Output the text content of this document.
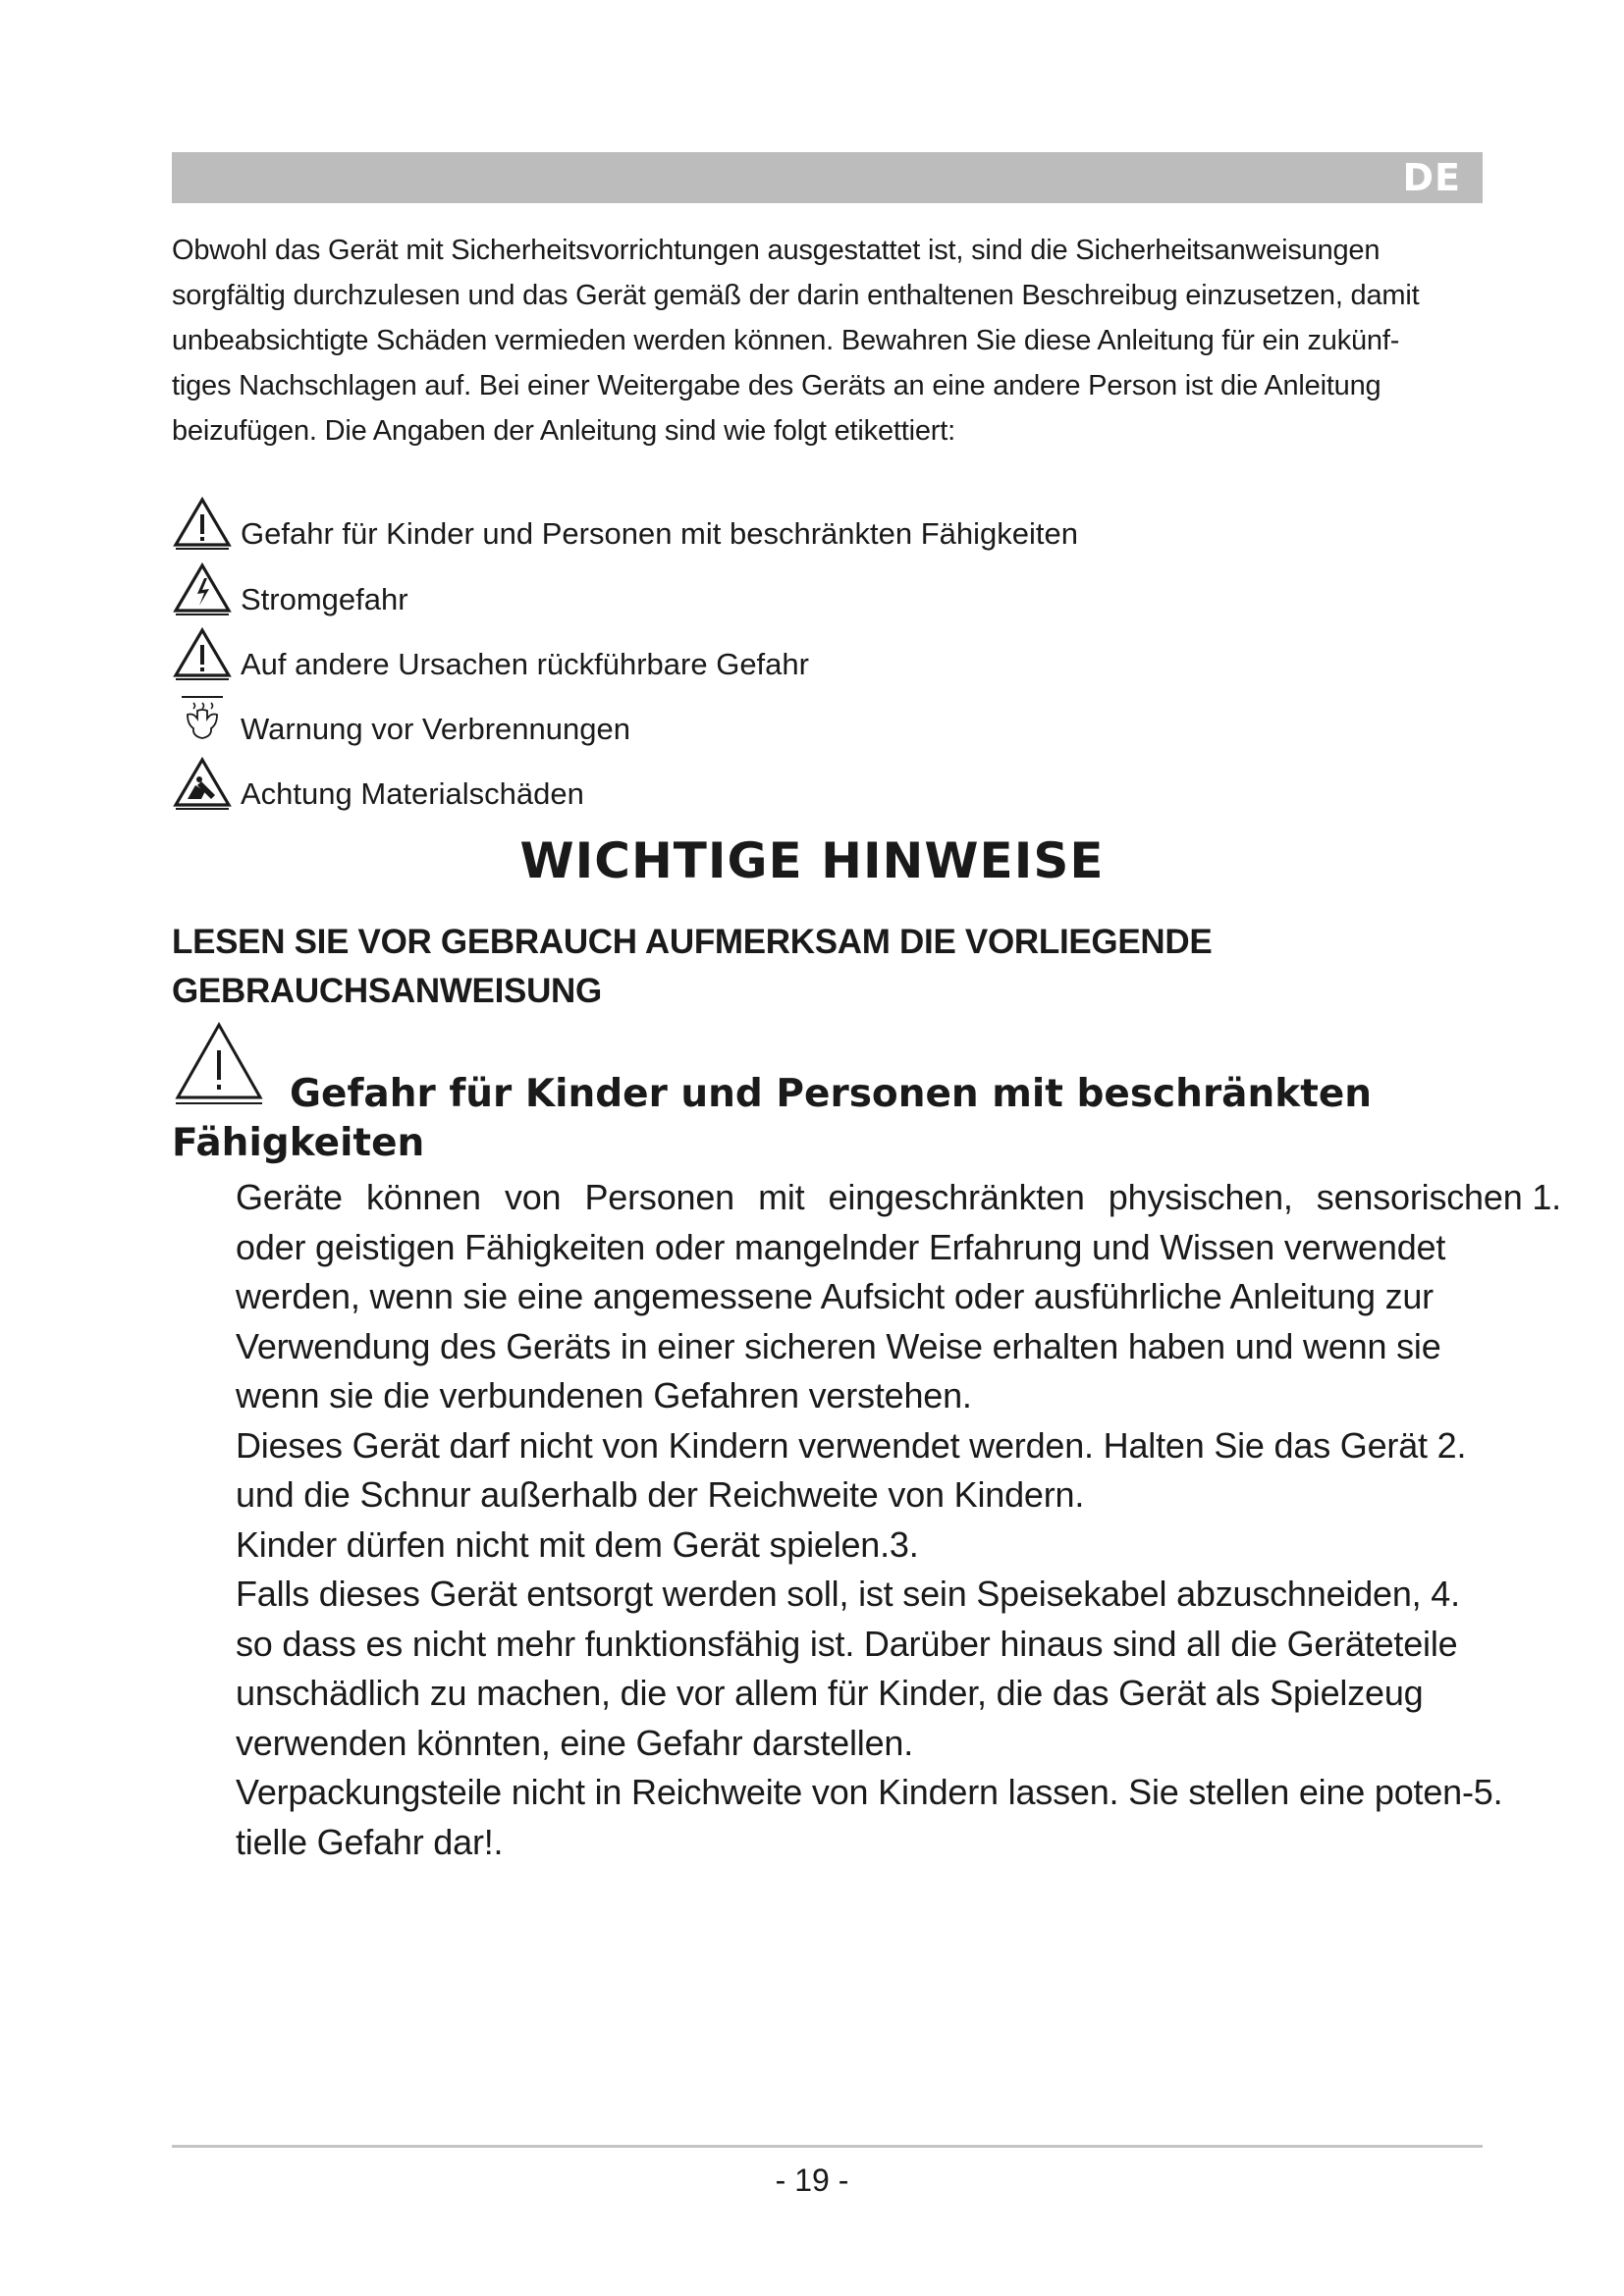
DE
Obwohl das Gerät mit Sicherheitsvorrichtungen ausgestattet ist, sind die Sicherheitsanweisungen
sorgfältig durchzulesen und das Gerät gemäß der darin enthaltenen Beschreibug einzusetzen, damit
unbeabsichtigte Schäden vermieden werden können. Bewahren Sie diese Anleitung für ein zukünf-
tiges Nachschlagen auf. Bei einer Weitergabe des Geräts an eine andere Person ist die Anleitung
beizufügen. Die Angaben der Anleitung sind wie folgt etikettiert:
Gefahr für Kinder und Personen mit beschränkten Fähigkeiten
Stromgefahr
Auf andere Ursachen rückführbare Gefahr
Warnung vor Verbrennungen
Achtung Materialschäden
WICHTIGE HINWEISE
LESEN SIE VOR GEBRAUCH AUFMERKSAM DIE VORLIEGENDE
GEBRAUCHSANWEISUNG
Gefahr für Kinder und Personen mit beschränkten
Fähigkeiten
Geräte können von Personen mit eingeschränkten physischen, sensorischen 1.
oder geistigen Fähigkeiten oder mangelnder Erfahrung und Wissen verwendet
werden, wenn sie eine angemessene Aufsicht oder ausführliche Anleitung zur
Verwendung des Geräts in einer sicheren Weise erhalten haben und wenn sie
wenn sie die verbundenen Gefahren verstehen.
Dieses Gerät darf nicht von Kindern verwendet werden. Halten Sie das Gerät 2.
und die Schnur außerhalb der Reichweite von Kindern.
Kinder dürfen nicht mit dem Gerät spielen.3.
Falls dieses Gerät entsorgt werden soll, ist sein Speisekabel abzuschneiden, 4.
so dass es nicht mehr funktionsfähig ist. Darüber hinaus sind all die Geräteteile
unschädlich zu machen, die vor allem für Kinder, die das Gerät als Spielzeug
verwenden könnten, eine Gefahr darstellen.
Verpackungsteile nicht in Reichweite von Kindern lassen. Sie stellen eine poten-5.
tielle Gefahr dar!.
- 19 -
